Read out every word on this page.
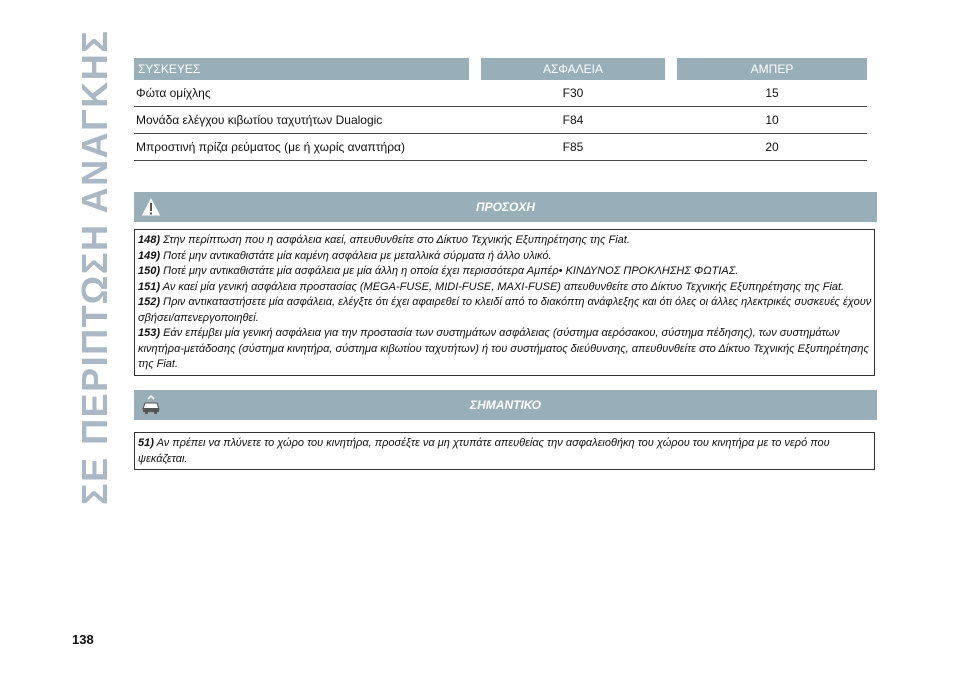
ΣΕ ΠΕΡΙΠΤΩΣΗ ΑΝΑΓΚΗΣ	ΣΥΣΚΕΥΕΣ	ΑΣΦΑΛΕΙΑ	ΑΜΠΕΡ
Φώτα ομίχλης	F30	15
Μονάδα ελέγχου κιβωτίου ταχυτήτων Dualogic	F84	10
Μπροστινή πρίζα ρεύματος (με ή χωρίς αναπτήρα)	F85	20
ΠΡΟΣΟΧΗ

148) Στην περίπτωση που η ασφάλεια καεί, απευθυνθείτε στο Δίκτυο Τεχνικής Εξυπηρέτησης της Fiat.

149) Ποτέ μην αντικαθιστάτε μία καμένη ασφάλεια με μεταλλικά σύρματα ή άλλο υλικό.

150) Ποτέ μην αντικαθιστάτε μία ασφάλεια με μία άλλη η οποία έχει περισσότερα Αμπέρ• ΚΙΝΔΥΝΟΣ ΠΡΟΚΛΗΣΗΣ ΦΩΤΙΑΣ.

151) Αν καεί μία γενική ασφάλεια προστασίας (MEGA-FUSE, MIDI-FUSE, MAXI-FUSE) απευθυνθείτε στο Δίκτυο Τεχνικής Εξυπηρέτησης της Fiat.

152) Πριν αντικαταστήσετε μία ασφάλεια, ελέγξτε ότι έχει αφαιρεθεί το κλειδί από το διακόπτη ανάφλεξης και ότι όλες οι άλλες ηλεκτρικές συσκευές έχουν σβήσει/απενεργοποιηθεί.

153) Εάν επέμβει μία γενική ασφάλεια για την προστασία των συστημάτων ασφάλειας (σύστημα αερόσακου, σύστημα πέδησης), των συστημάτων κινητήρα-μετάδοσης (σύστημα κινητήρα, σύστημα κιβωτίου ταχυτήτων) ή του συστήματος διεύθυνσης, απευθυνθείτε στο Δίκτυο Τεχνικής Εξυπηρέτησης της Fiat.

ΣΗΜΑΝΤΙΚΟ

51) Αν πρέπει να πλύνετε το χώρο του κινητήρα, προσέξτε να μη χτυπάτε απευθείας την ασφαλειοθήκη του χώρου του κινητήρα με το νερό που ψεκάζεται.

138
